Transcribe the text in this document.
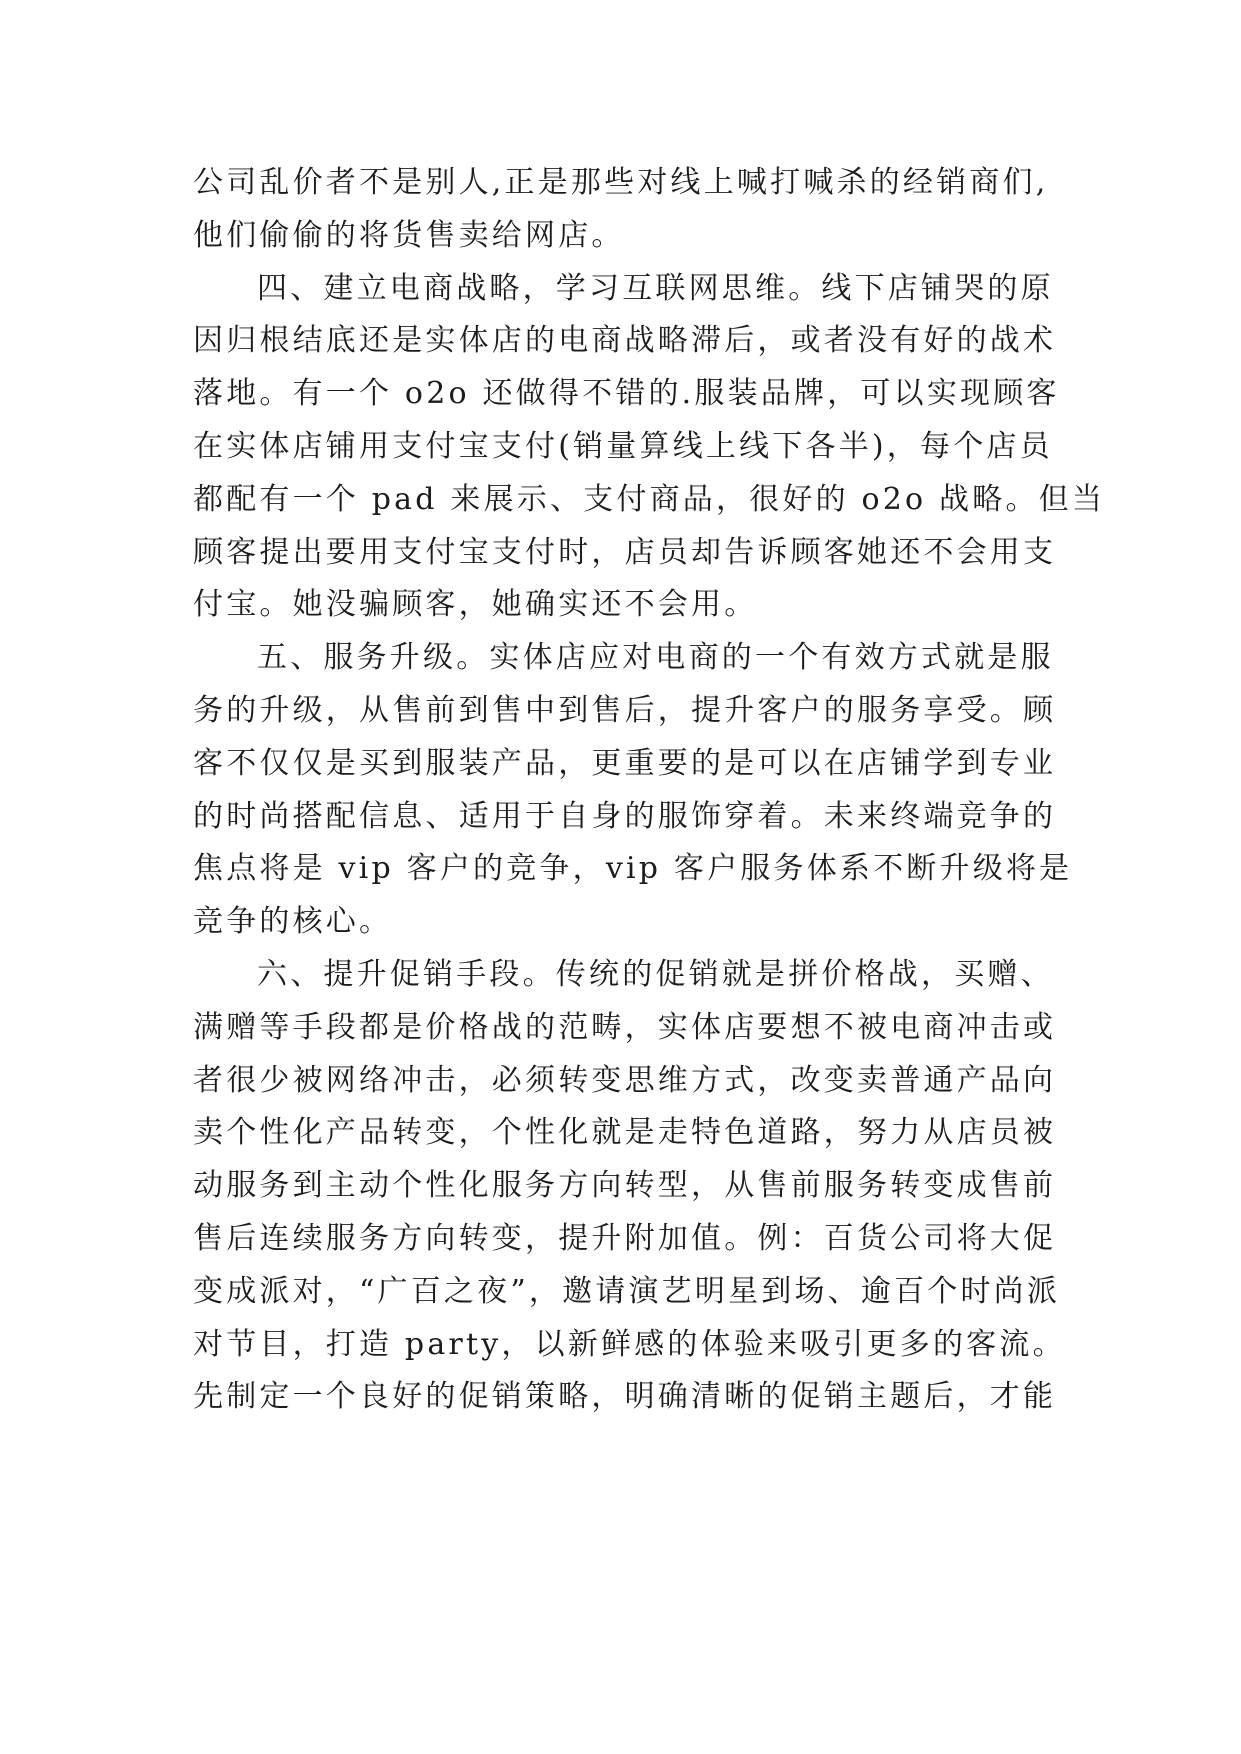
公司乱价者不是别人,正是那些对线上喊打喊杀的经销商们,
他们偷偷的将货售卖给网店。
四、建立电商战略，学习互联网思维。线下店铺哭的原
因归根结底还是实体店的电商战略滞后，或者没有好的战术
落地。有一个 o2o 还做得不错的.服装品牌，可以实现顾客
在实体店铺用支付宝支付(销量算线上线下各半)，每个店员
都配有一个 pad 来展示、支付商品，很好的 o2o 战略。但当
顾客提出要用支付宝支付时，店员却告诉顾客她还不会用支
付宝。她没骗顾客，她确实还不会用。
五、服务升级。实体店应对电商的一个有效方式就是服
务的升级，从售前到售中到售后，提升客户的服务享受。顾
客不仅仅是买到服装产品，更重要的是可以在店铺学到专业
的时尚搭配信息、适用于自身的服饰穿着。未来终端竞争的
焦点将是 vip 客户的竞争，vip 客户服务体系不断升级将是
竞争的核心。
六、提升促销手段。传统的促销就是拼价格战，买赠、
满赠等手段都是价格战的范畴，实体店要想不被电商冲击或
者很少被网络冲击，必须转变思维方式，改变卖普通产品向
卖个性化产品转变，个性化就是走特色道路，努力从店员被
动服务到主动个性化服务方向转型，从售前服务转变成售前
售后连续服务方向转变，提升附加值。例：百货公司将大促
变成派对，“广百之夜”，邀请演艺明星到场、逾百个时尚派
对节目，打造 party，以新鲜感的体验来吸引更多的客流。
先制定一个良好的促销策略，明确清晰的促销主题后，才能
